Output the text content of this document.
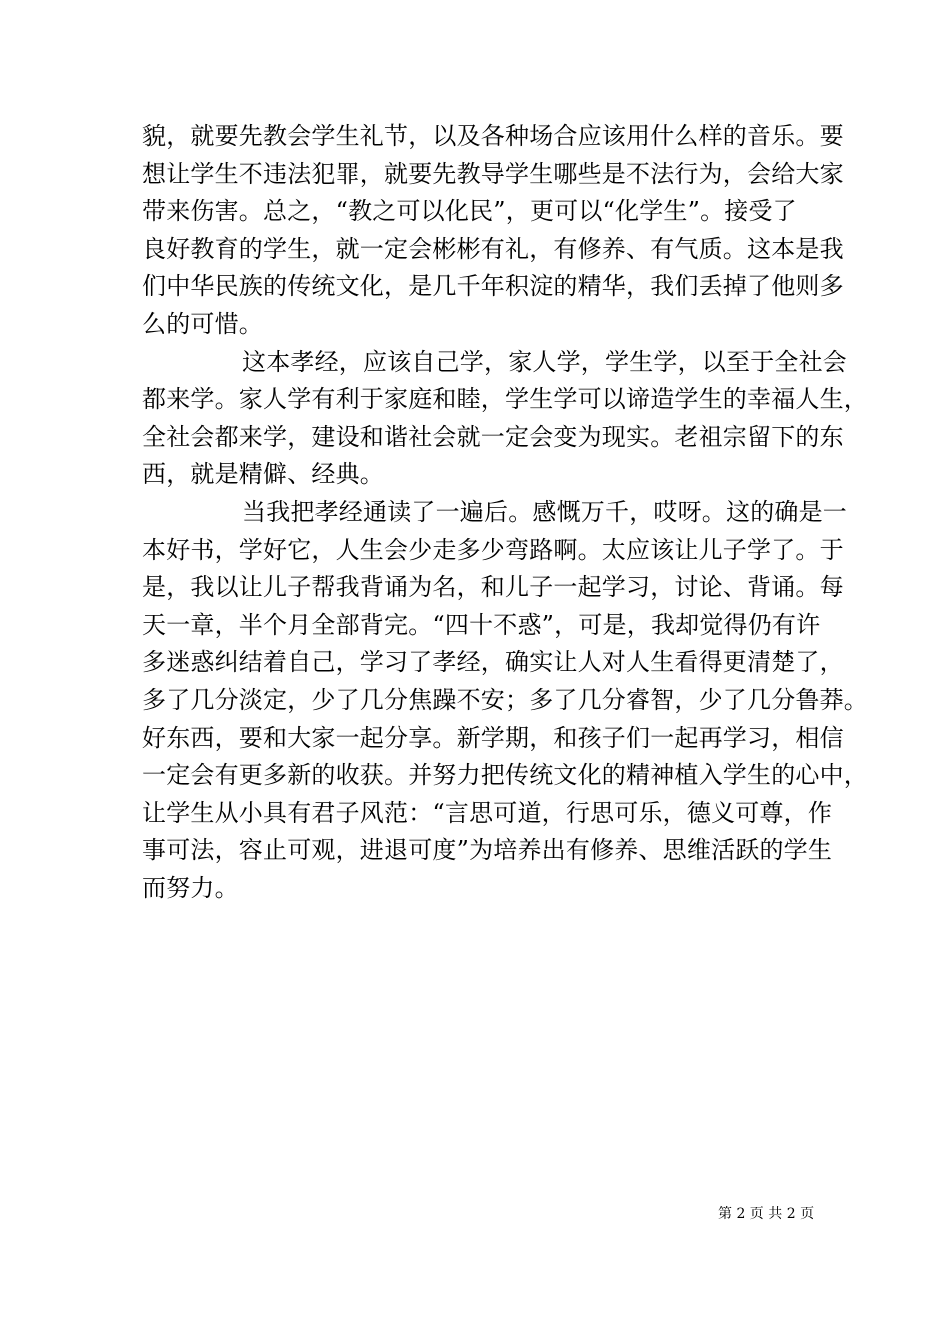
貌，就要先教会学生礼节，以及各种场合应该用什么样的音乐。要
想让学生不违法犯罪，就要先教导学生哪些是不法行为，会给大家
带来伤害。总之，“教之可以化民”，更可以“化学生”。接受了
良好教育的学生，就一定会彬彬有礼，有修养、有气质。这本是我
们中华民族的传统文化，是几千年积淀的精华，我们丢掉了他则多
么的可惜。

这本孝经，应该自己学，家人学，学生学，以至于全社会
都来学。家人学有利于家庭和睦，学生学可以谛造学生的幸福人生，
全社会都来学，建设和谐社会就一定会变为现实。老祖宗留下的东
西，就是精僻、经典。

当我把孝经通读了一遍后。感慨万千，哎呀。这的确是一
本好书，学好它，人生会少走多少弯路啊。太应该让儿子学了。于
是，我以让儿子帮我背诵为名，和儿子一起学习，讨论、背诵。每
天一章，半个月全部背完。“四十不惑”，可是，我却觉得仍有许
多迷惑纠结着自己，学习了孝经，确实让人对人生看得更清楚了，
多了几分淡定，少了几分焦躁不安；多了几分睿智，少了几分鲁莽。
好东西，要和大家一起分享。新学期，和孩子们一起再学习，相信
一定会有更多新的收获。并努力把传统文化的精神植入学生的心中，
让学生从小具有君子风范：“言思可道，行思可乐，德义可尊，作
事可法，容止可观，进退可度”为培养出有修养、思维活跃的学生
而努力。

第 2 页 共 2 页
